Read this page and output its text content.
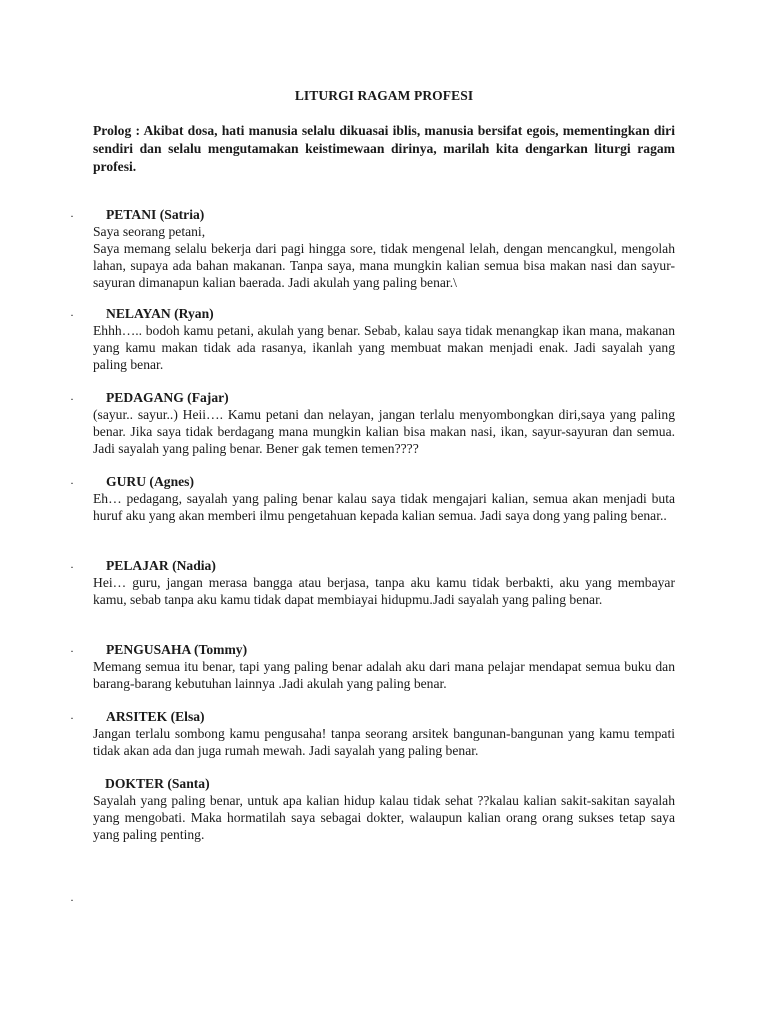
LITURGI RAGAM PROFESI
Prolog : Akibat dosa, hati manusia selalu dikuasai iblis, manusia bersifat egois, mementingkan diri sendiri dan selalu mengutamakan keistimewaan dirinya, marilah kita dengarkan liturgi ragam profesi.
·	PETANI (Satria)

Saya seorang petani,

Saya memang selalu bekerja dari pagi hingga sore, tidak mengenal lelah, dengan mencangkul, mengolah lahan, supaya ada bahan makanan. Tanpa saya, mana mungkin kalian semua bisa makan nasi dan sayur-sayuran dimanapun kalian baerada. Jadi akulah yang paling benar.\

·	NELAYAN (Ryan)

Ehhh….. bodoh kamu petani, akulah yang benar. Sebab, kalau saya tidak menangkap ikan mana, makanan yang kamu makan tidak ada rasanya, ikanlah yang membuat makan menjadi enak. Jadi sayalah yang paling benar.

·	PEDAGANG (Fajar)

(sayur.. sayur..) Heii…. Kamu petani dan nelayan, jangan terlalu menyombongkan diri,saya yang paling benar. Jika saya tidak berdagang mana mungkin kalian bisa makan nasi, ikan, sayur-sayuran dan semua. Jadi sayalah yang paling benar. Bener gak temen temen????

·	GURU (Agnes)

Eh… pedagang, sayalah yang paling benar kalau saya tidak mengajari kalian, semua akan menjadi buta huruf aku yang akan memberi ilmu pengetahuan kepada kalian semua. Jadi saya dong yang paling benar..

·	PELAJAR (Nadia)

Hei… guru, jangan merasa bangga atau berjasa, tanpa aku kamu tidak berbakti, aku yang membayar kamu, sebab tanpa aku kamu tidak dapat membiayai hidupmu.Jadi sayalah yang paling benar.

·	PENGUSAHA (Tommy)

Memang semua itu benar, tapi yang paling benar adalah aku dari mana pelajar mendapat semua buku dan barang-barang kebutuhan lainnya .Jadi akulah yang paling benar.

·	ARSITEK (Elsa)

Jangan terlalu sombong kamu pengusaha! tanpa seorang arsitek bangunan-bangunan yang kamu tempati tidak akan ada dan juga rumah mewah. Jadi sayalah yang paling benar.

DOKTER (Santa)

Sayalah yang paling benar, untuk apa kalian hidup kalau tidak sehat ??kalau kalian sakit-sakitan sayalah yang mengobati. Maka hormatilah saya sebagai dokter, walaupun kalian orang orang sukses tetap saya yang paling penting.

·
